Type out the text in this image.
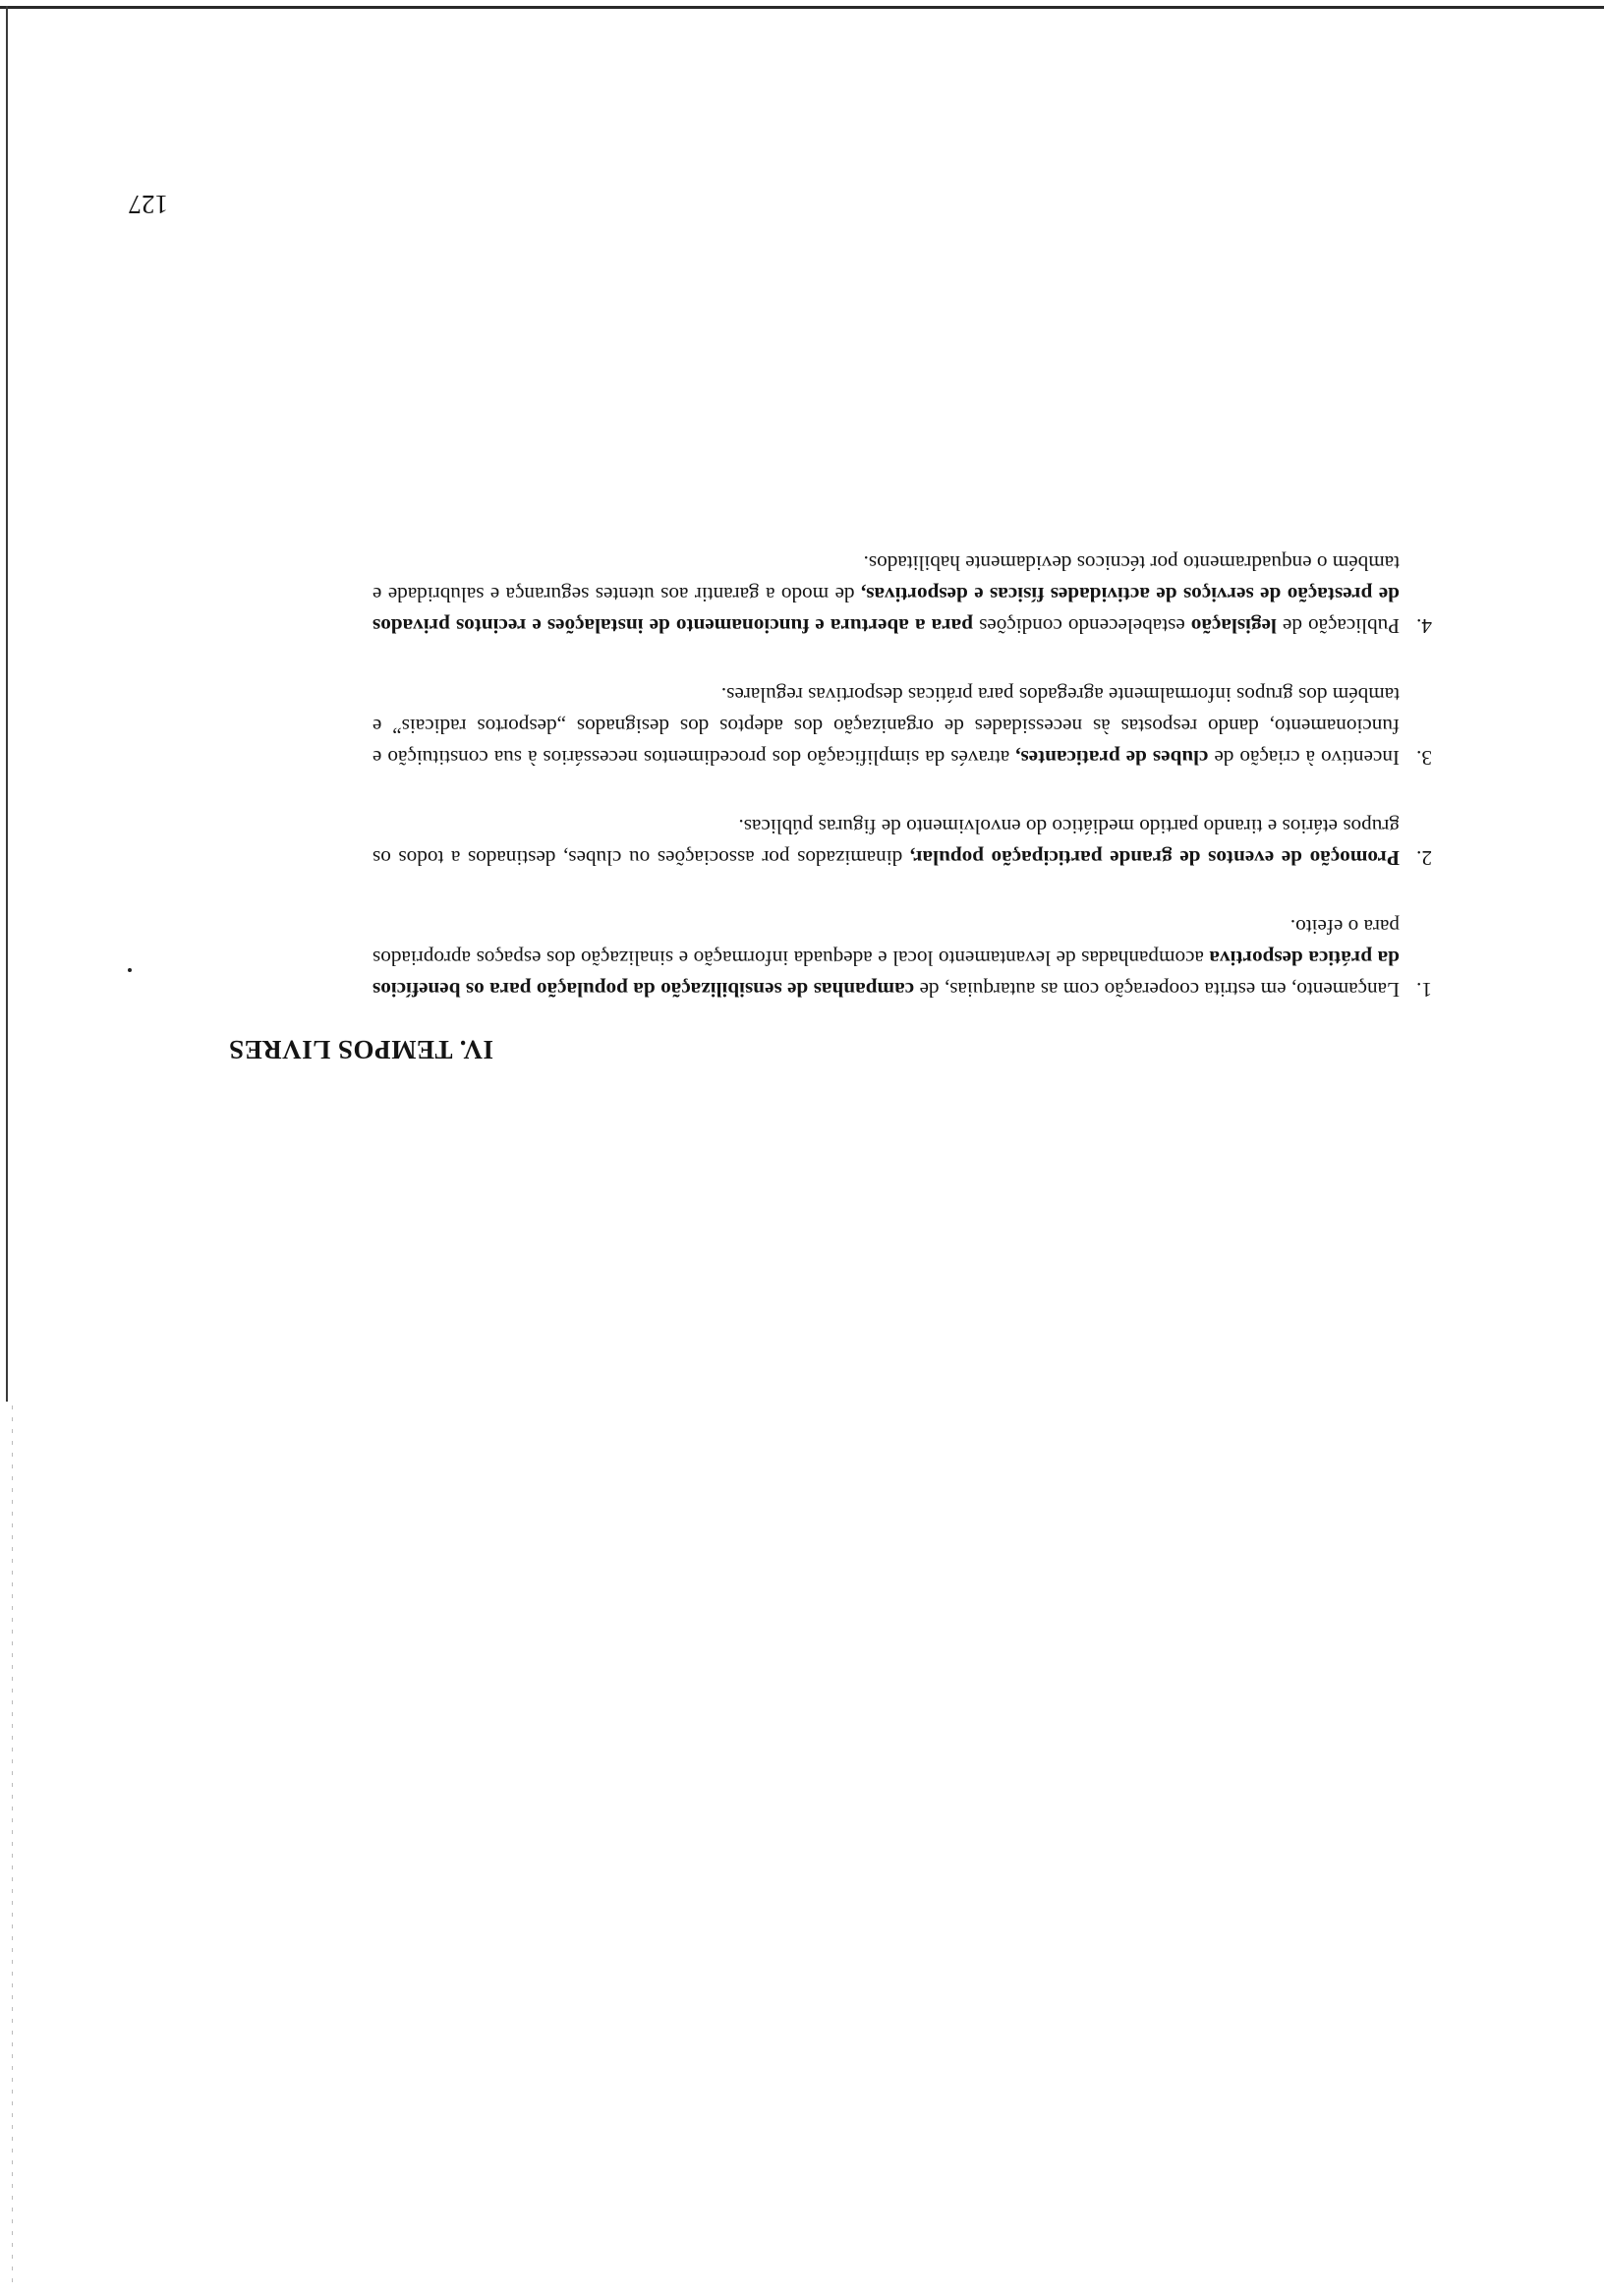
IV. TEMPOS LIVRES
1.
Lançamento, em estrita cooperação com as autarquias, de campanhas de sensibilização da população para os benefícios da prática desportiva acompanhadas de levantamento local e adequada informação e sinalização dos espaços apropriados para o efeito.
2.
Promoção de eventos de grande participação popular, dinamizados por associações ou clubes, destinados a todos os grupos etários e tirando partido mediático do envolvimento de figuras públicas.
3.
Incentivo à criação de clubes de praticantes, através da simplificação dos procedimentos necessários à sua constituição e funcionamento, dando respostas às necessidades de organização dos adeptos dos designados „desportos radicais” e também dos grupos informalmente agregados para práticas desportivas regulares.
4.
Publicação de legislação estabelecendo condições para a abertura e funcionamento de instalações e recintos privados de prestação de serviços de actividades físicas e desportivas, de modo a garantir aos utentes segurança e salubridade e também o enquadramento por técnicos devidamente habilitados.

127
